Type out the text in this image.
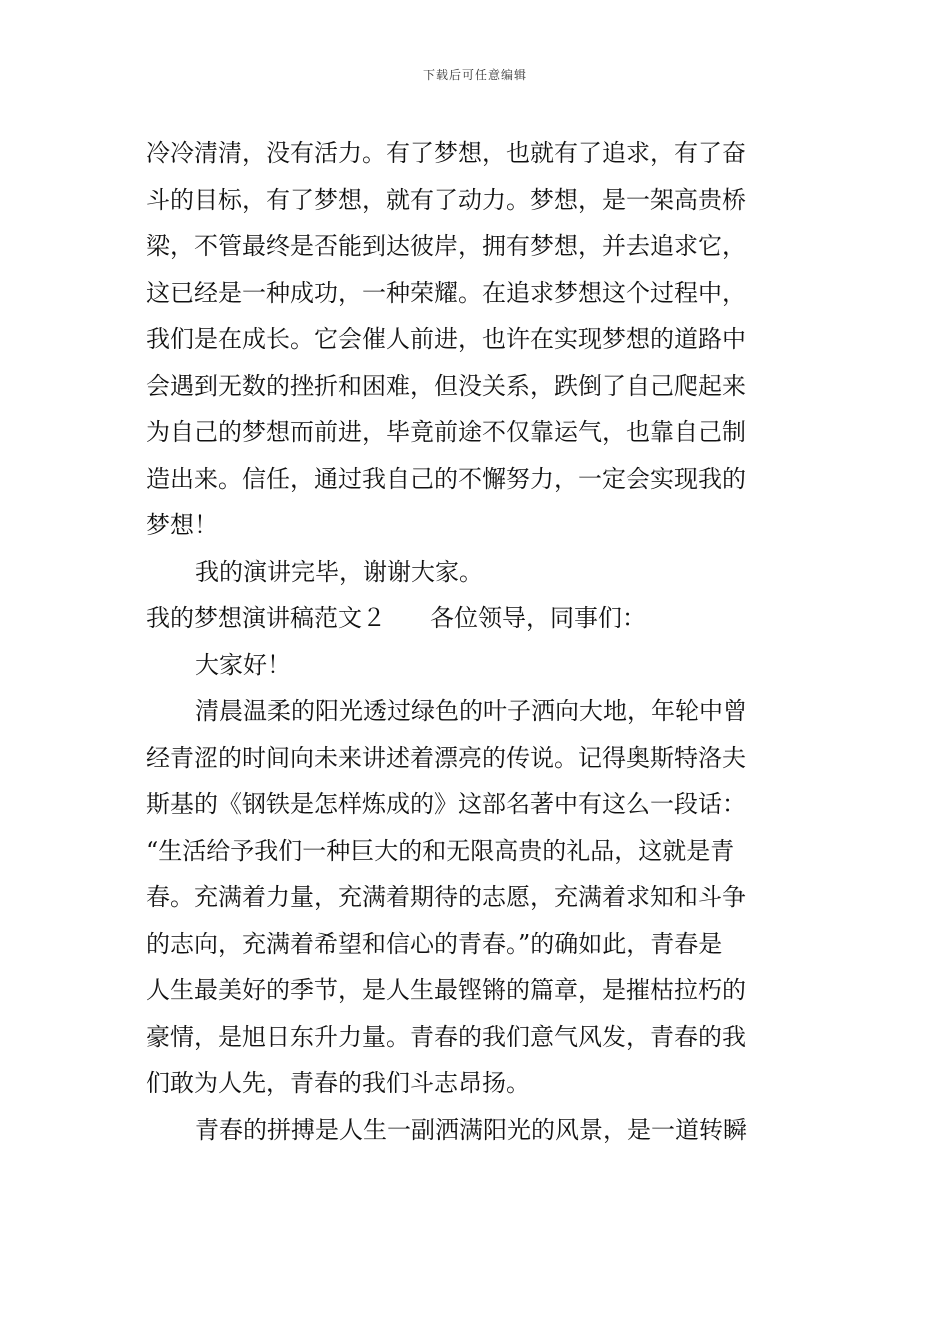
下载后可任意编辑
冷冷清清，没有活力。有了梦想，也就有了追求，有了奋
斗的目标，有了梦想，就有了动力。梦想，是一架高贵桥
梁，不管最终是否能到达彼岸，拥有梦想，并去追求它，
这已经是一种成功，一种荣耀。在追求梦想这个过程中，
我们是在成长。它会催人前进，也许在实现梦想的道路中
会遇到无数的挫折和困难，但没关系，跌倒了自己爬起来
为自己的梦想而前进，毕竟前途不仅靠运气，也靠自己制
造出来。信任，通过我自己的不懈努力，一定会实现我的
梦想！
我的演讲完毕，谢谢大家。
我的梦想演讲稿范文２ 各位领导，同事们：
大家好！
清晨温柔的阳光透过绿色的叶子洒向大地，年轮中曾
经青涩的时间向未来讲述着漂亮的传说。记得奥斯特洛夫
斯基的《钢铁是怎样炼成的》这部名著中有这么一段话：
“生活给予我们一种巨大的和无限高贵的礼品，这就是青
春。充满着力量，充满着期待的志愿，充满着求知和斗争
的志向，充满着希望和信心的青春。”的确如此，青春是
人生最美好的季节，是人生最铿锵的篇章，是摧枯拉朽的
豪情，是旭日东升力量。青春的我们意气风发，青春的我
们敢为人先，青春的我们斗志昂扬。
青春的拼搏是人生一副洒满阳光的风景，是一道转瞬
